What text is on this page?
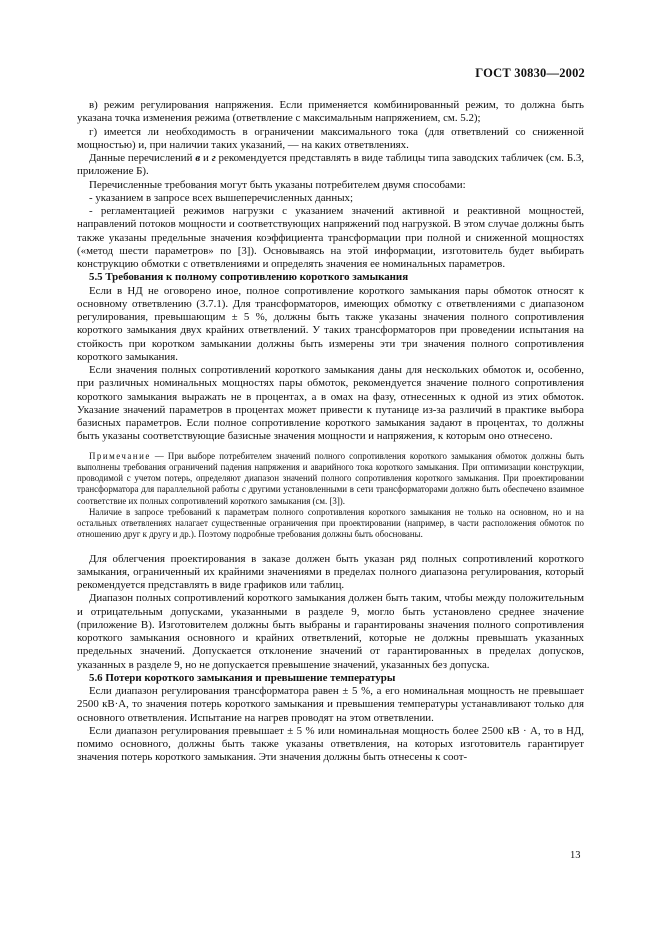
ГОСТ 30830—2002

в) режим регулирования напряжения. Если применяется комбинированный режим, то должна быть указана точка изменения режима (ответвление с максимальным напряжением, см. 5.2);

г) имеется ли необходимость в ограничении максимального тока (для ответвлений со сниженной мощностью) и, при наличии таких указаний, — на каких ответвлениях.

Данные перечислений в и г рекомендуется представлять в виде таблицы типа заводских табличек (см. Б.3, приложение Б).

Перечисленные требования могут быть указаны потребителем двумя способами:

- указанием в запросе всех вышеперечисленных данных;

- регламентацией режимов нагрузки с указанием значений активной и реактивной мощностей, направлений потоков мощности и соответствующих напряжений под нагрузкой. В этом случае должны быть также указаны предельные значения коэффициента трансформации при полной и сниженной мощностях («метод шести параметров» по [3]). Основываясь на этой информации, изготовитель будет выбирать конструкцию обмотки с ответвлениями и определять значения ее номинальных параметров.

5.5 Требования к полному сопротивлению короткого замыкания

Если в НД не оговорено иное, полное сопротивление короткого замыкания пары обмоток относят к основному ответвлению (3.7.1). Для трансформаторов, имеющих обмотку с ответвлениями с диапазоном регулирования, превышающим ± 5 %, должны быть также указаны значения полного сопротивления короткого замыкания двух крайних ответвлений. У таких трансформаторов при проведении испытания на стойкость при коротком замыкании должны быть измерены эти три значения полного сопротивления короткого замыкания.

Если значения полных сопротивлений короткого замыкания даны для нескольких обмоток и, особенно, при различных номинальных мощностях пары обмоток, рекомендуется значение полного сопротивления короткого замыкания выражать не в процентах, а в омах на фазу, отнесенных к одной из этих обмоток. Указание значений параметров в процентах может привести к путанице из-за различий в практике выбора базисных параметров. Если полное сопротивление короткого замыкания задают в процентах, то должны быть указаны соответствующие базисные значения мощности и напряжения, к которым оно отнесено.

Примечание — При выборе потребителем значений полного сопротивления короткого замыкания обмоток должны быть выполнены требования ограничений падения напряжения и аварийного тока короткого замыкания. При оптимизации конструкции, проводимой с учетом потерь, определяют диапазон значений полного сопротивления короткого замыкания. При проектировании трансформатора для параллельной работы с другими установленными в сети трансформаторами должно быть обеспечено взаимное соответствие их полных сопротивлений короткого замыкания (см. [3]).

Наличие в запросе требований к параметрам полного сопротивления короткого замыкания не только на основном, но и на остальных ответвлениях налагает существенные ограничения при проектировании (например, в части расположения обмоток по отношению друг к другу и др.). Поэтому подробные требования должны быть обоснованы.

Для облегчения проектирования в заказе должен быть указан ряд полных сопротивлений короткого замыкания, ограниченный их крайними значениями в пределах полного диапазона регулирования, который рекомендуется представлять в виде графиков или таблиц.

Диапазон полных сопротивлений короткого замыкания должен быть таким, чтобы между положительным и отрицательным допусками, указанными в разделе 9, могло быть установлено среднее значение (приложение В). Изготовителем должны быть выбраны и гарантированы значения полного сопротивления короткого замыкания основного и крайних ответвлений, которые не должны превышать указанных предельных значений. Допускается отклонение значений от гарантированных в пределах допусков, указанных в разделе 9, но не допускается превышение значений, указанных без допуска.

5.6 Потери короткого замыкания и превышение температуры

Если диапазон регулирования трансформатора равен ± 5 %, а его номинальная мощность не превышает 2500 кВ·А, то значения потерь короткого замыкания и превышения температуры устанавливают только для основного ответвления. Испытание на нагрев проводят на этом ответвлении.

Если диапазон регулирования превышает ± 5 % или номинальная мощность более 2500 кВ · А, то в НД, помимо основного, должны быть также указаны ответвления, на которых изготовитель гарантирует значения потерь короткого замыкания. Эти значения должны быть отнесены к соот-

13
